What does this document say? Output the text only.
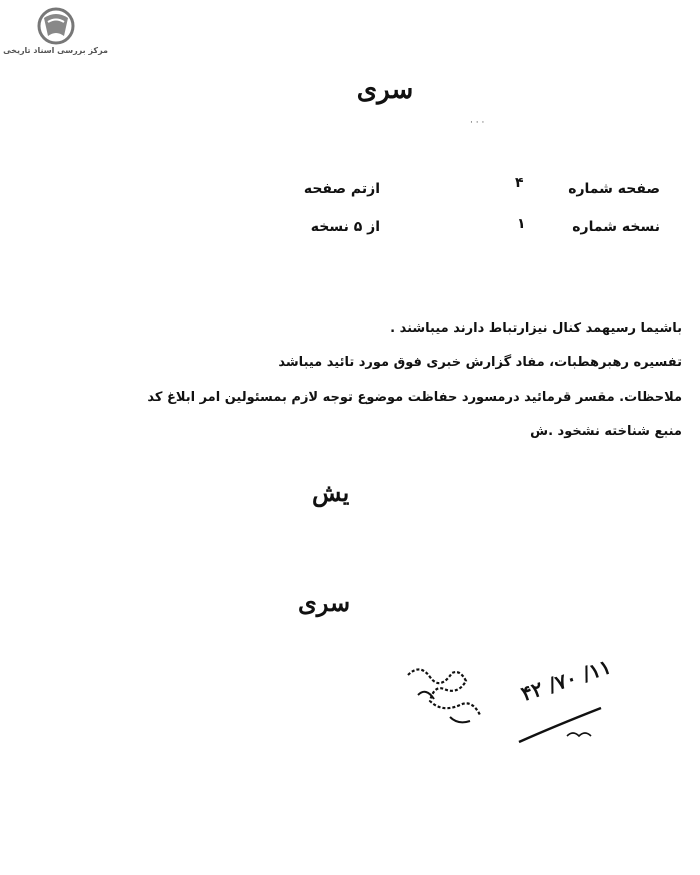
مرکز بررسی اسناد تاریخی
سری
· · ·
صفحه شماره
۴
ازتم صفحه
نسخه شماره
۱
از ۵ نسخه
باشیما رسیهمد کنال نیزارتباط دارند میباشند .
تفسیره رهبرهطبات، مفاد گزارش خبری فوق مورد تائید میباشد
ملاحظات. مقسر قرمائید درمسورد حفاظت موضوع توجه لازم بمسئولین امر ابلاغ کد
منبع شناخته نشخود .ش
یش
سری
۱۱/ ۷۰/ ۴۲
